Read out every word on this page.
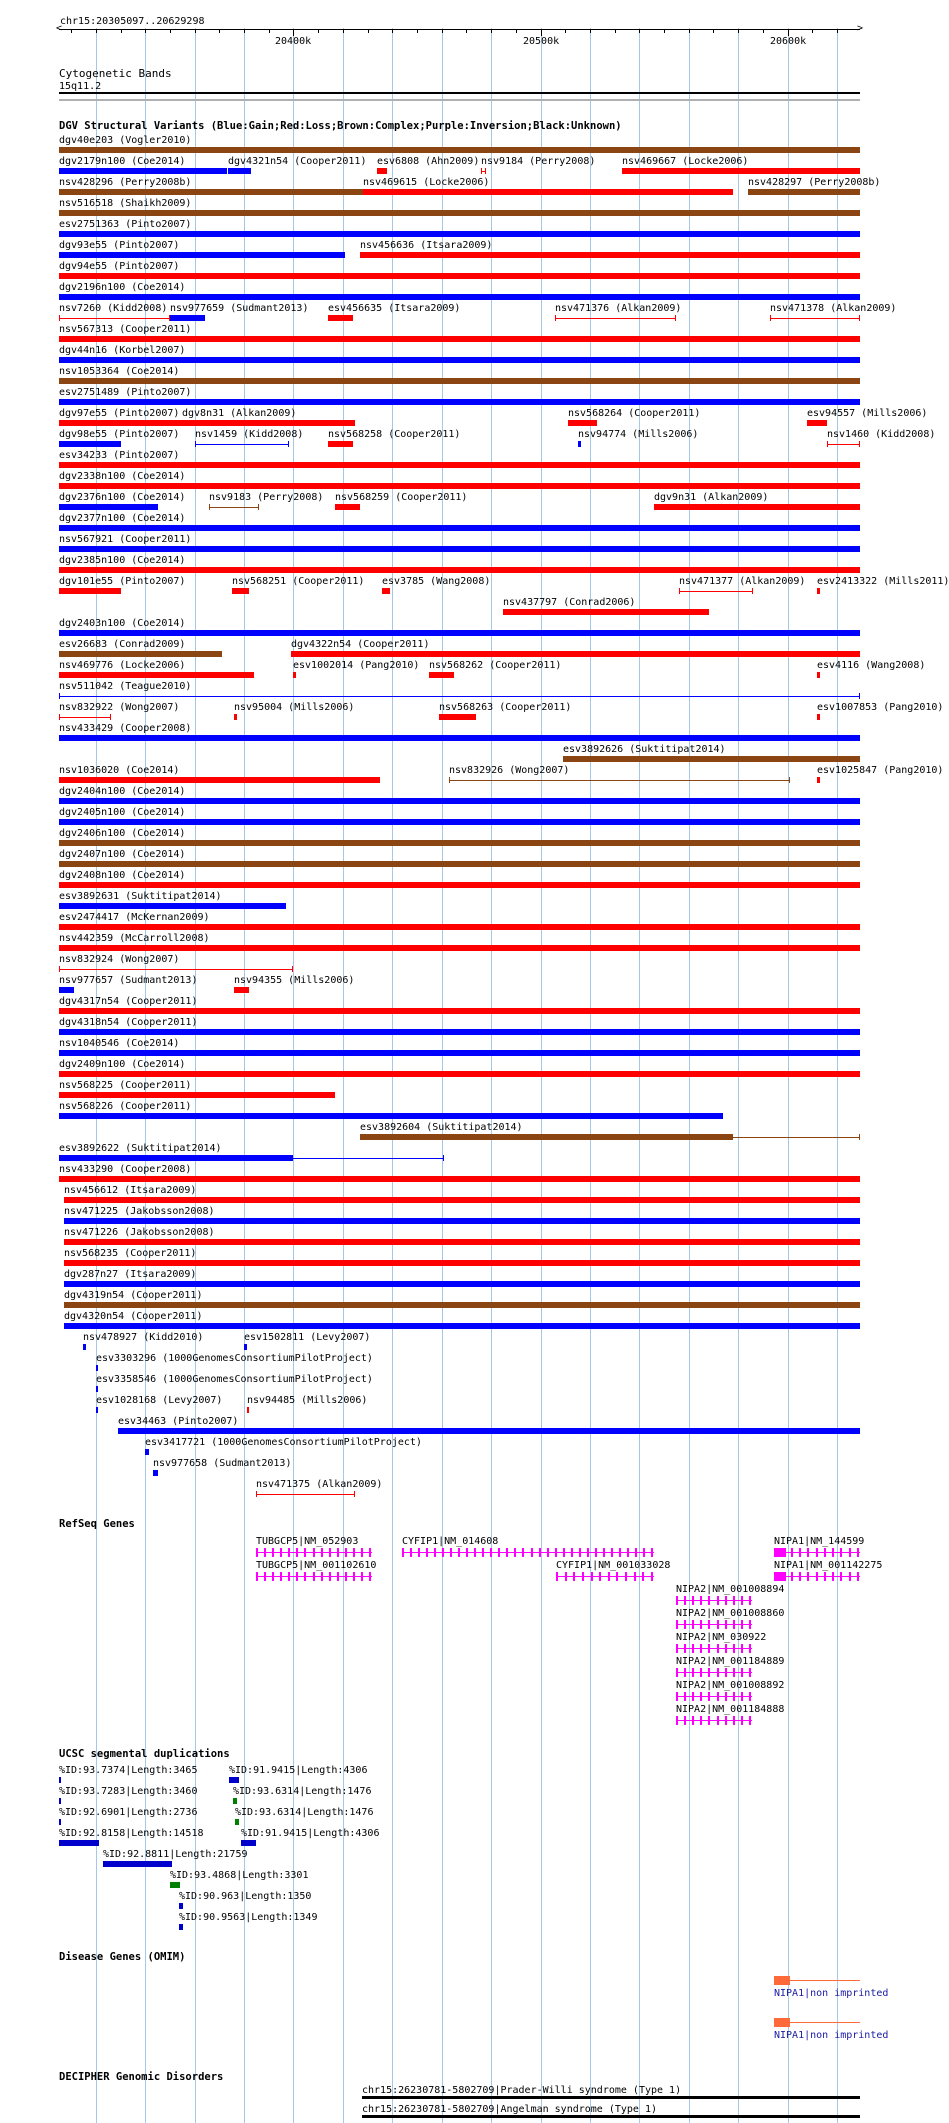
chr15:20305097..20629298
<	>
20400k	20500k	20600k
Cytogenetic Bands
15q11.2
DGV Structural Variants (Blue:Gain;Red:Loss;Brown:Complex;Purple:Inversion;Black:Unknown)
dgv40e203 (Vogler2010)
dgv2179n100 (Coe2014)	dgv4321n54 (Cooper2011) esv6808 (Ahn2009) nsv9184 (Perry2008)	nsv469667 (Locke2006)
nsv428296 (Perry2008b)	nsv469615 (Locke2006)	nsv428297 (Perry2008b)
nsv516518 (Shaikh2009)
esv2751363 (Pinto2007)
dgv93e55 (Pinto2007)	nsv456636 (Itsara2009)
dgv94e55 (Pinto2007)
dgv2196n100 (Coe2014)
nsv7260 (Kidd2008) nsv977659 (Sudmant2013) esv456635 (Itsara2009)	nsv471376 (Alkan2009)	nsv471378 (Alkan2009)
nsv567313 (Cooper2011)
dgv44n16 (Korbel2007)
nsv1053364 (Coe2014)
esv2751489 (Pinto2007)
dgv97e55 (Pinto2007) dgv8n31 (Alkan2009)	nsv568264 (Cooper2011)	esv94557 (Mills2006)
dgv98e55 (Pinto2007) nsv1459 (Kidd2008) nsv568258 (Cooper2011)	nsv94774 (Mills2006)	nsv1460 (Kidd2008)
esv34233 (Pinto2007)
dgv2338n100 (Coe2014)
dgv2376n100 (Coe2014) nsv9183 (Perry2008) nsv568259 (Cooper2011)	dgv9n31 (Alkan2009)
dgv2377n100 (Coe2014)
nsv567921 (Cooper2011)
dgv2385n100 (Coe2014)
dgv101e55 (Pinto2007)	nsv568251 (Cooper2011) esv3785 (Wang2008)	nsv471377 (Alkan2009) esv2413322 (Mills2011)
nsv437797 (Conrad2006)
dgv2403n100 (Coe2014)
esv26683 (Conrad2009)	dgv4322n54 (Cooper2011)
nsv469776 (Locke2006)	esv1002014 (Pang2010) nsv568262 (Cooper2011)	esv4116 (Wang2008)
nsv511042 (Teague2010)
nsv832922 (Wong2007)	nsv95004 (Mills2006)	nsv568263 (Cooper2011)	esv1007853 (Pang2010)
nsv433429 (Cooper2008)
esv3892626 (Suktitipat2014)
nsv1036020 (Coe2014)	nsv832926 (Wong2007)	esv1025847 (Pang2010)
dgv2404n100 (Coe2014)
dgv2405n100 (Coe2014)
dgv2406n100 (Coe2014)
dgv2407n100 (Coe2014)
dgv2408n100 (Coe2014)
esv3892631 (Suktitipat2014)
esv2474417 (McKernan2009)
nsv442359 (McCarroll2008)
nsv832924 (Wong2007)
nsv977657 (Sudmant2013)	nsv94355 (Mills2006)
dgv4317n54 (Cooper2011)
dgv4318n54 (Cooper2011)
nsv1040546 (Coe2014)
dgv2409n100 (Coe2014)
nsv568225 (Cooper2011)
nsv568226 (Cooper2011)
esv3892604 (Suktitipat2014)
esv3892622 (Suktitipat2014)
nsv433290 (Cooper2008)
nsv456612 (Itsara2009)
nsv471225 (Jakobsson2008)
nsv471226 (Jakobsson2008)
nsv568235 (Cooper2011)
dgv287n27 (Itsara2009)
dgv4319n54 (Cooper2011)
dgv4320n54 (Cooper2011)
nsv478927 (Kidd2010)	esv1502811 (Levy2007)
esv3303296 (1000GenomesConsortiumPilotProject)
esv3358546 (1000GenomesConsortiumPilotProject)
esv1028168 (Levy2007) nsv94485 (Mills2006)
esv34463 (Pinto2007)
esv3417721 (1000GenomesConsortiumPilotProject)
nsv977658 (Sudmant2013)
nsv471375 (Alkan2009)
RefSeq Genes
TUBGCP5|NM_052903
TUBGCP5|NM_001102610
CYFIP1|NM_014608
CYFIP1|NM_001033028
NIPA1|NM_144599
NIPA1|NM_001142275
NIPA2|NM_001008894
NIPA2|NM_001008860
NIPA2|NM_030922
NIPA2|NM_001184889
NIPA2|NM_001008892
NIPA2|NM_001184888
UCSC segmental duplications
%ID:93.7374|Length:3465	%ID:91.9415|Length:4306
%ID:93.7283|Length:3460	%ID:93.6314|Length:1476
%ID:92.6901|Length:2736	%ID:93.6314|Length:1476
%ID:92.8158|Length:14518	%ID:91.9415|Length:4306
%ID:92.8811|Length:21759
%ID:93.4868|Length:3301
%ID:90.963|Length:1350
%ID:90.9563|Length:1349
Disease Genes (OMIM)
NIPA1|non imprinted
NIPA1|non imprinted
DECIPHER Genomic Disorders
chr15:26230781-5802709|Prader-Willi syndrome (Type 1)
chr15:26230781-5802709|Angelman syndrome (Type 1)
